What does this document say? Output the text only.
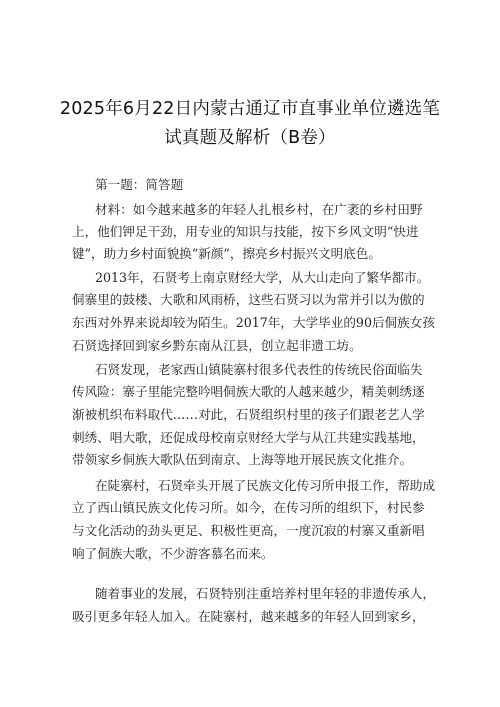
2025年6月22日内蒙古通辽市直事业单位遴选笔
试真题及解析（B卷）
第一题：简答题
材料：如今越来越多的年轻人扎根乡村，在广袤的乡村田野
上，他们钾足干劲，用专业的知识与技能，按下乡风文明“快进
键”，助力乡村面貌换“新颜”，擦亮乡村振兴文明底色。
2013年，石贤考上南京财经大学，从大山走向了繁华都市。
侗寨里的鼓楼、大歌和风雨桥，这些石贤习以为常并引以为傲的
东西对外界来说却较为陌生。2017年，大学毕业的90后侗族女孩
石贤选择回到家乡黔东南从江县，创立起非遗工坊。
石贤发现，老家西山镇陡寨村很多代表性的传统民俗面临失
传风险：寨子里能完整吟唱侗族大歌的人越来越少，精美刺绣逐
渐被机织布料取代……对此，石贤组织村里的孩子们跟老艺人学
刺绣、唱大歌，还促成母校南京财经大学与从江共建实践基地，
带领家乡侗族大歌队伍到南京、上海等地开展民族文化推介。
在陡寨村，石贤牵头开展了民族文化传习所申报工作，帮助成
立了西山镇民族文化传习所。如今，在传习所的组织下，村民参
与文化活动的劲头更足、积极性更高，一度沉寂的村寨又重新唱
响了侗族大歌，不少游客慕名而来。
随着事业的发展，石贤特别注重培养村里年轻的非遗传承人，
吸引更多年轻人加入。在陡寨村，越来越多的年轻人回到家乡，
